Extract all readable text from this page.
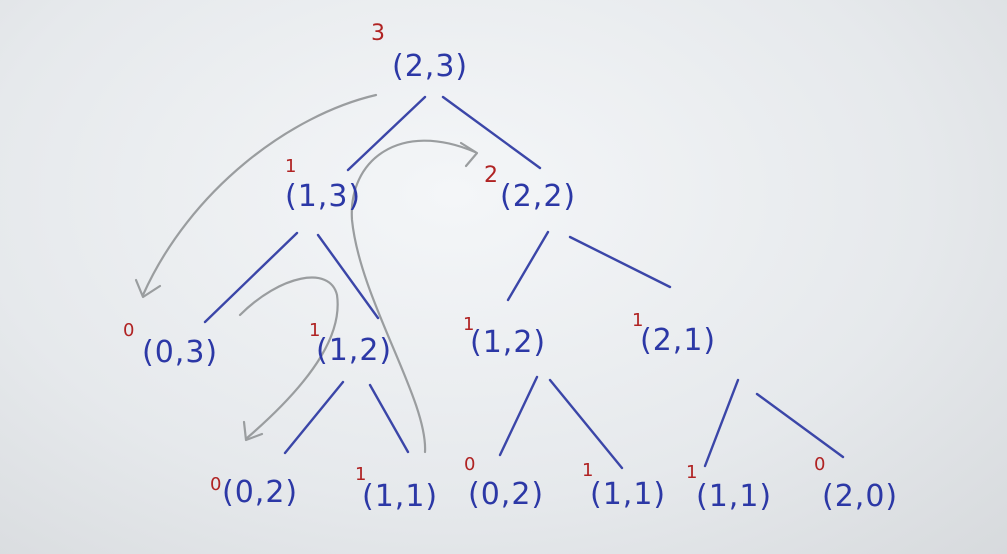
(2,3)
(1,3)	(2,2)
(0,3)	(1,2)	(1,2)	(2,1)
(0,2) (1,1) (0,2) (1,1) (1,1) (2,0)
3
1	2
0	1	1	1
0	1	0	1	1	0
